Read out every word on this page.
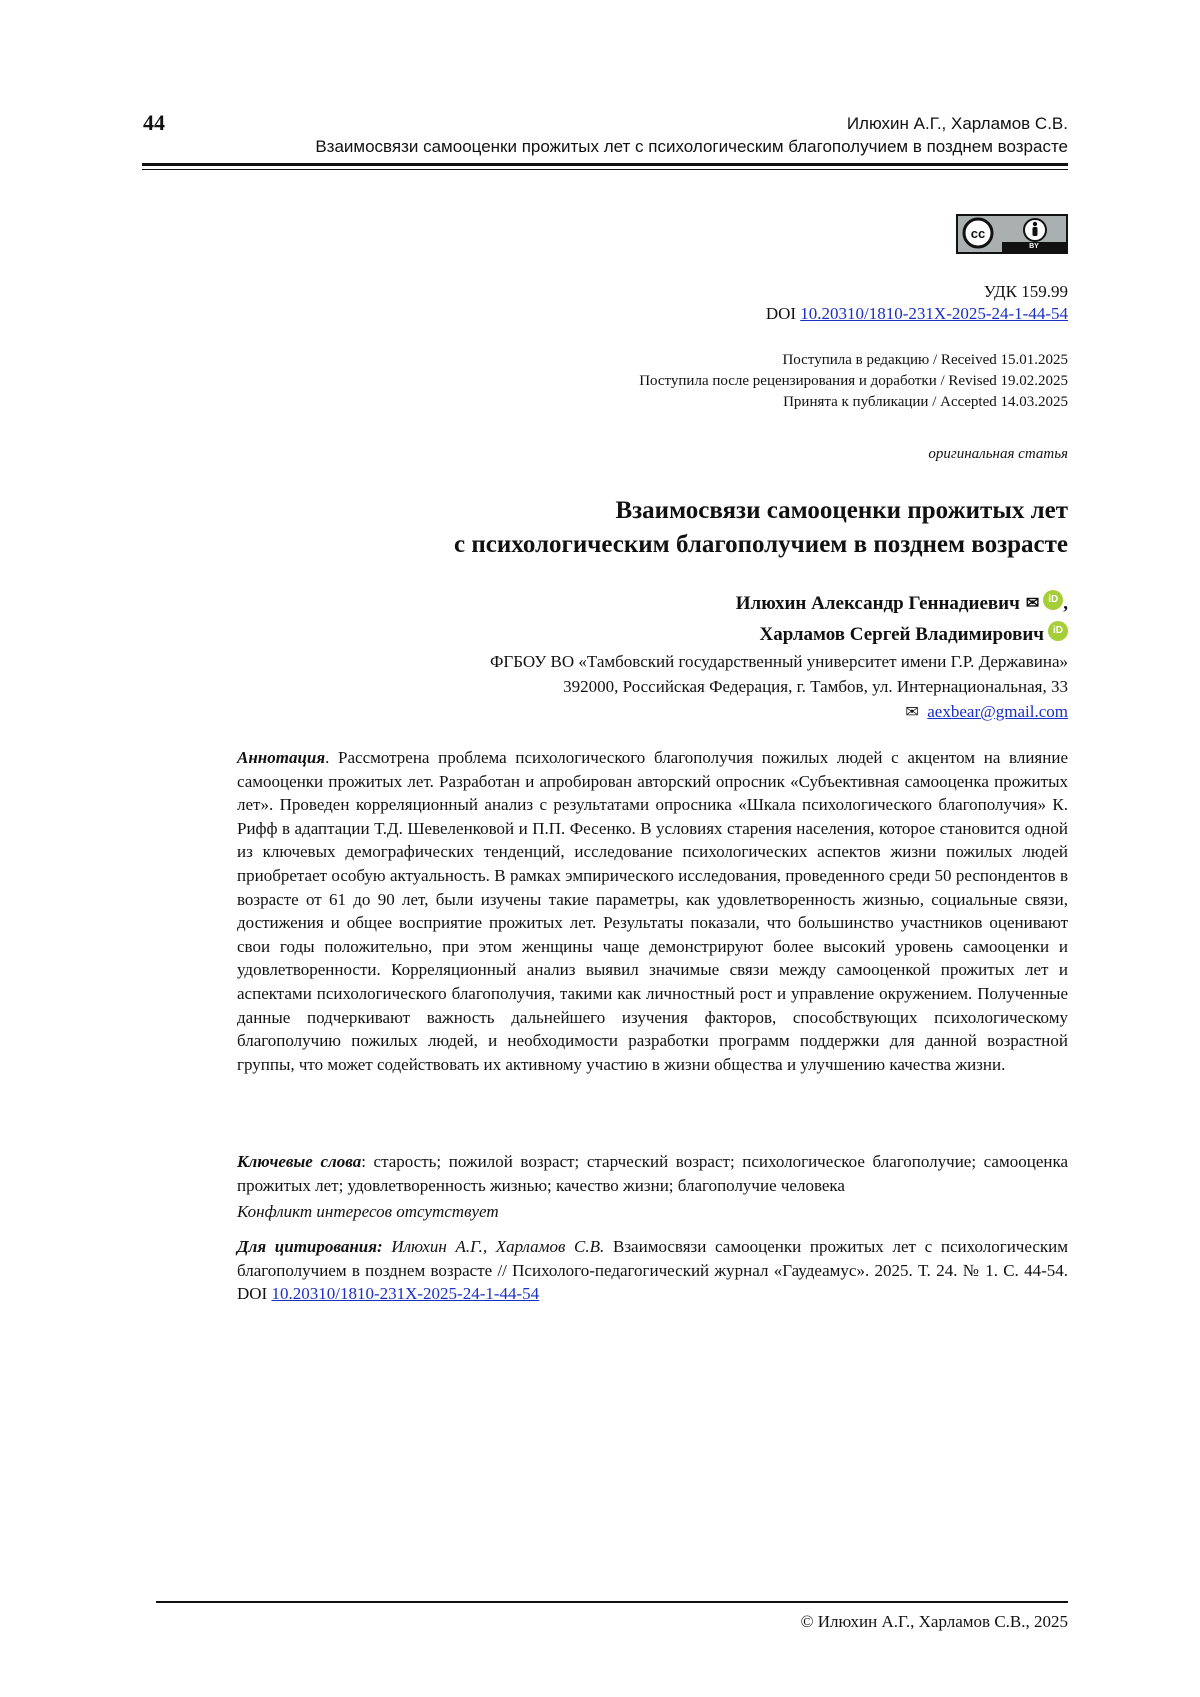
44	Илюхин А.Г., Харламов С.В.
Взаимосвязи самооценки прожитых лет с психологическим благополучием в позднем возрасте
cc
BY
УДК 159.99
DOI 10.20310/1810-231X-2025-24-1-44-54
Поступила в редакцию / Received 15.01.2025
Поступила после рецензирования и доработки / Revised 19.02.2025
Принята к публикации / Accepted 14.03.2025
оригинальная статья
Взаимосвязи самооценки прожитых лет
с психологическим благополучием в позднем возрасте
Илюхин Александр Геннадиевич ✉ iD ,
Харламов Сергей Владимирович iD
ФГБОУ ВО «Тамбовский государственный университет имени Г.Р. Державина»
392000, Российская Федерация, г. Тамбов, ул. Интернациональная, 33
✉ aexbear@gmail.com
Аннотация. Рассмотрена проблема психологического благополучия пожилых людей с акцентом на влияние самооценки прожитых лет. Разработан и апробирован авторский опросник «Субъективная самооценка прожитых лет». Проведен корреляционный анализ с результатами опросника «Шкала психологического благополучия» К. Рифф в адаптации Т.Д. Шевеленковой и П.П. Фесенко. В условиях старения населения, которое становится одной из ключевых демографических тенденций, исследование психологических аспектов жизни пожилых людей приобретает особую актуальность. В рамках эмпирического исследования, проведенного среди 50 респондентов в возрасте от 61 до 90 лет, были изучены такие параметры, как удовлетворенность жизнью, социальные связи, достижения и общее восприятие прожитых лет. Результаты показали, что большинство участников оценивают свои годы положительно, при этом женщины чаще демонстрируют более высокий уровень самооценки и удовлетворенности. Корреляционный анализ выявил значимые связи между самооценкой прожитых лет и аспектами психологического благополучия, такими как личностный рост и управление окружением. Полученные данные подчеркивают важность дальнейшего изучения факторов, способствующих психологическому благополучию пожилых людей, и необходимости разработки программ поддержки для данной возрастной группы, что может содействовать их активному участию в жизни общества и улучшению качества жизни.
Ключевые слова: старость; пожилой возраст; старческий возраст; психологическое благополучие; самооценка прожитых лет; удовлетворенность жизнью; качество жизни; благополучие человека
Конфликт интересов отсутствует
Для цитирования: Илюхин А.Г., Харламов С.В. Взаимосвязи самооценки прожитых лет с психологическим благополучием в позднем возрасте // Психолого-педагогический журнал «Гаудеамус». 2025. Т. 24. № 1. С. 44-54. DOI 10.20310/1810-231X-2025-24-1-44-54
© Илюхин А.Г., Харламов С.В., 2025
